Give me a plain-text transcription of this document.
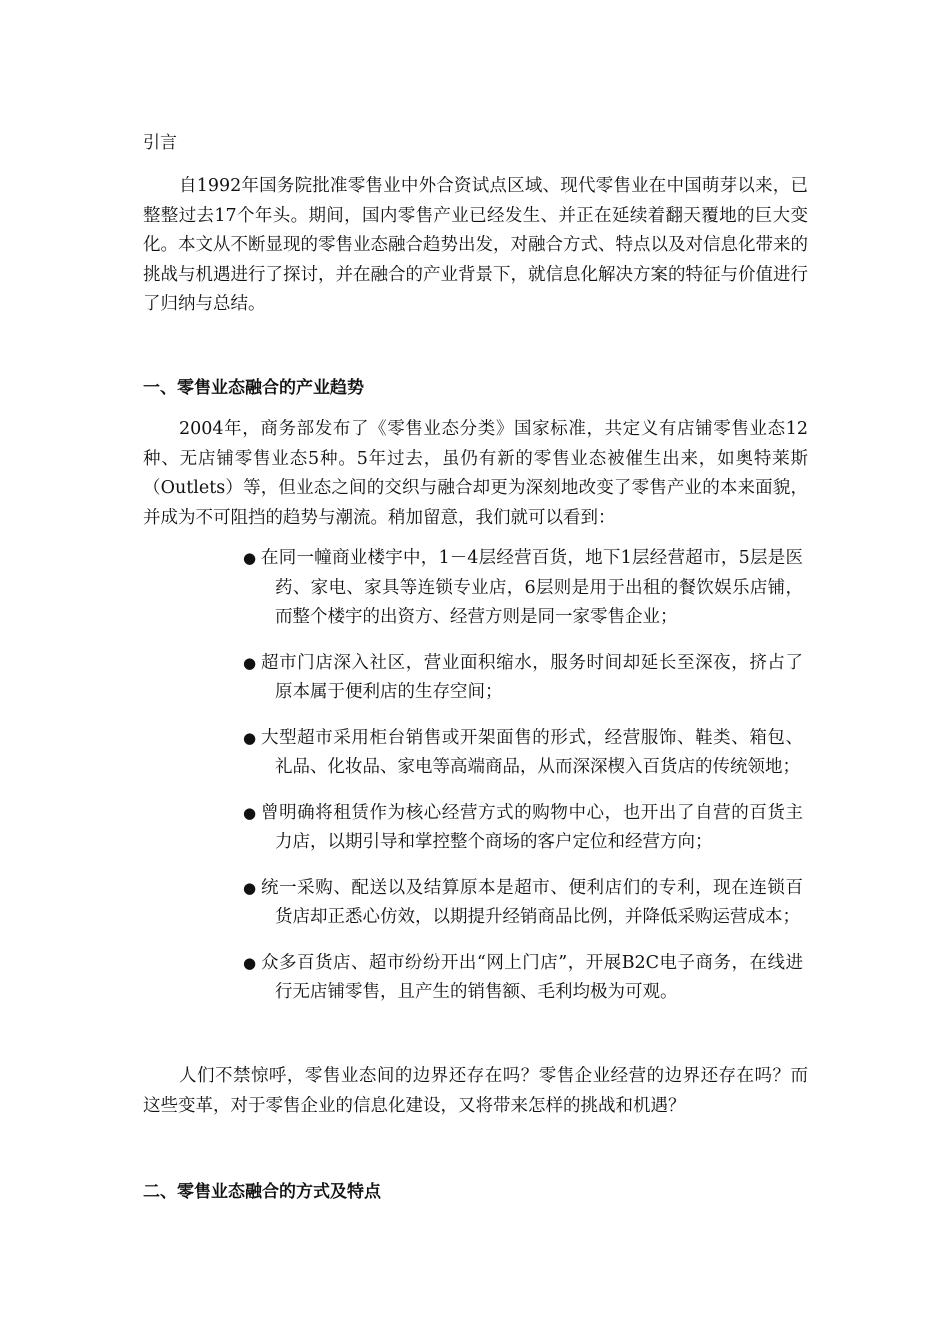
引言
自1992年国务院批准零售业中外合资试点区域、现代零售业在中国萌芽以来，已整整过去17个年头。期间，国内零售产业已经发生、并正在延续着翻天覆地的巨大变化。本文从不断显现的零售业态融合趋势出发，对融合方式、特点以及对信息化带来的挑战与机遇进行了探讨，并在融合的产业背景下，就信息化解决方案的特征与价值进行了归纳与总结。
一、零售业态融合的产业趋势
2004年，商务部发布了《零售业态分类》国家标准，共定义有店铺零售业态12种、无店铺零售业态5种。5年过去，虽仍有新的零售业态被催生出来，如奥特莱斯（Outlets）等，但业态之间的交织与融合却更为深刻地改变了零售产业的本来面貌，并成为不可阻挡的趋势与潮流。稍加留意，我们就可以看到：
● 在同一幢商业楼宇中，1－4层经营百货，地下1层经营超市，5层是医药、家电、家具等连锁专业店，6层则是用于出租的餐饮娱乐店铺，而整个楼宇的出资方、经营方则是同一家零售企业；
● 超市门店深入社区，营业面积缩水，服务时间却延长至深夜，挤占了原本属于便利店的生存空间；
● 大型超市采用柜台销售或开架面售的形式，经营服饰、鞋类、箱包、礼品、化妆品、家电等高端商品，从而深深楔入百货店的传统领地；
● 曾明确将租赁作为核心经营方式的购物中心，也开出了自营的百货主力店，以期引导和掌控整个商场的客户定位和经营方向；
● 统一采购、配送以及结算原本是超市、便利店们的专利，现在连锁百货店却正悉心仿效，以期提升经销商品比例，并降低采购运营成本；
● 众多百货店、超市纷纷开出“网上门店”，开展B2C电子商务，在线进行无店铺零售，且产生的销售额、毛利均极为可观。
人们不禁惊呼，零售业态间的边界还存在吗？零售企业经营的边界还存在吗？而这些变革，对于零售企业的信息化建设，又将带来怎样的挑战和机遇？
二、零售业态融合的方式及特点
